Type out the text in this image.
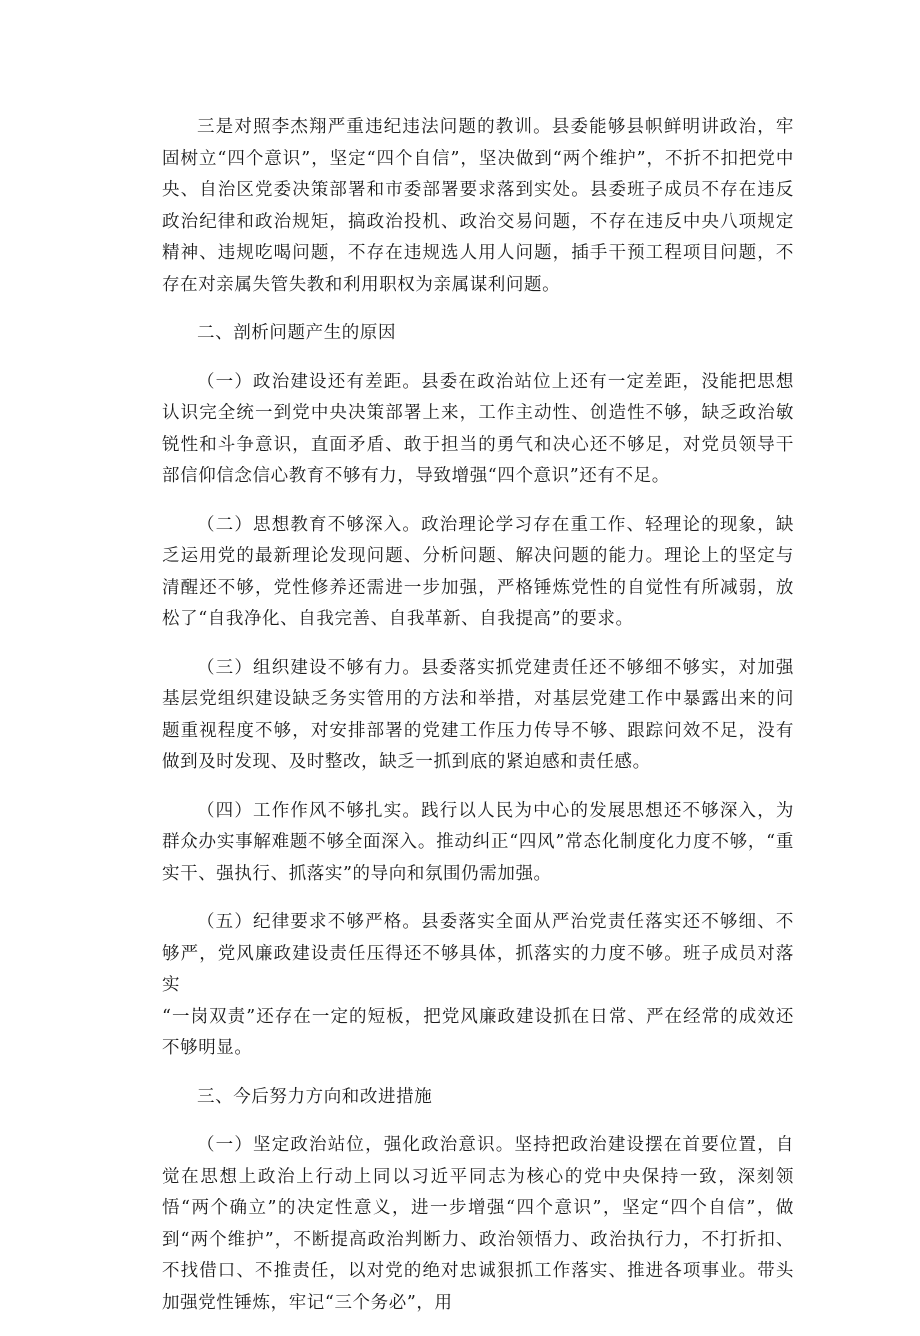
三是对照李杰翔严重违纪违法问题的教训。县委能够县帜鲜明讲政治，牢固树立“四个意识”，坚定“四个自信”，坚决做到“两个维护”，不折不扣把党中央、自治区党委决策部署和市委部署要求落到实处。县委班子成员不存在违反政治纪律和政治规矩，搞政治投机、政治交易问题，不存在违反中央八项规定精神、违规吃喝问题，不存在违规选人用人问题，插手干预工程项目问题，不存在对亲属失管失教和利用职权为亲属谋利问题。

二、剖析问题产生的原因

（一）政治建设还有差距。县委在政治站位上还有一定差距，没能把思想认识完全统一到党中央决策部署上来，工作主动性、创造性不够，缺乏政治敏锐性和斗争意识，直面矛盾、敢于担当的勇气和决心还不够足，对党员领导干部信仰信念信心教育不够有力，导致增强“四个意识”还有不足。

（二）思想教育不够深入。政治理论学习存在重工作、轻理论的现象，缺乏运用党的最新理论发现问题、分析问题、解决问题的能力。理论上的坚定与清醒还不够，党性修养还需进一步加强，严格锤炼党性的自觉性有所减弱，放松了“自我净化、自我完善、自我革新、自我提高”的要求。

（三）组织建设不够有力。县委落实抓党建责任还不够细不够实，对加强基层党组织建设缺乏务实管用的方法和举措，对基层党建工作中暴露出来的问题重视程度不够，对安排部署的党建工作压力传导不够、跟踪问效不足，没有做到及时发现、及时整改，缺乏一抓到底的紧迫感和责任感。

（四）工作作风不够扎实。践行以人民为中心的发展思想还不够深入，为群众办实事解难题不够全面深入。推动纠正“四风”常态化制度化力度不够，“重实干、强执行、抓落实”的导向和氛围仍需加强。

（五）纪律要求不够严格。县委落实全面从严治党责任落实还不够细、不够严，党风廉政建设责任压得还不够具体，抓落实的力度不够。班子成员对落实

“一岗双责”还存在一定的短板，把党风廉政建设抓在日常、严在经常的成效还不够明显。

三、今后努力方向和改进措施

（一）坚定政治站位，强化政治意识。坚持把政治建设摆在首要位置，自觉在思想上政治上行动上同以习近平同志为核心的党中央保持一致，深刻领悟“两个确立”的决定性意义，进一步增强“四个意识”，坚定“四个自信”，做到“两个维护”，不断提高政治判断力、政治领悟力、政治执行力，不打折扣、不找借口、不推责任，以对党的绝对忠诚狠抓工作落实、推进各项事业。带头加强党性锤炼，牢记“三个务必”，用
